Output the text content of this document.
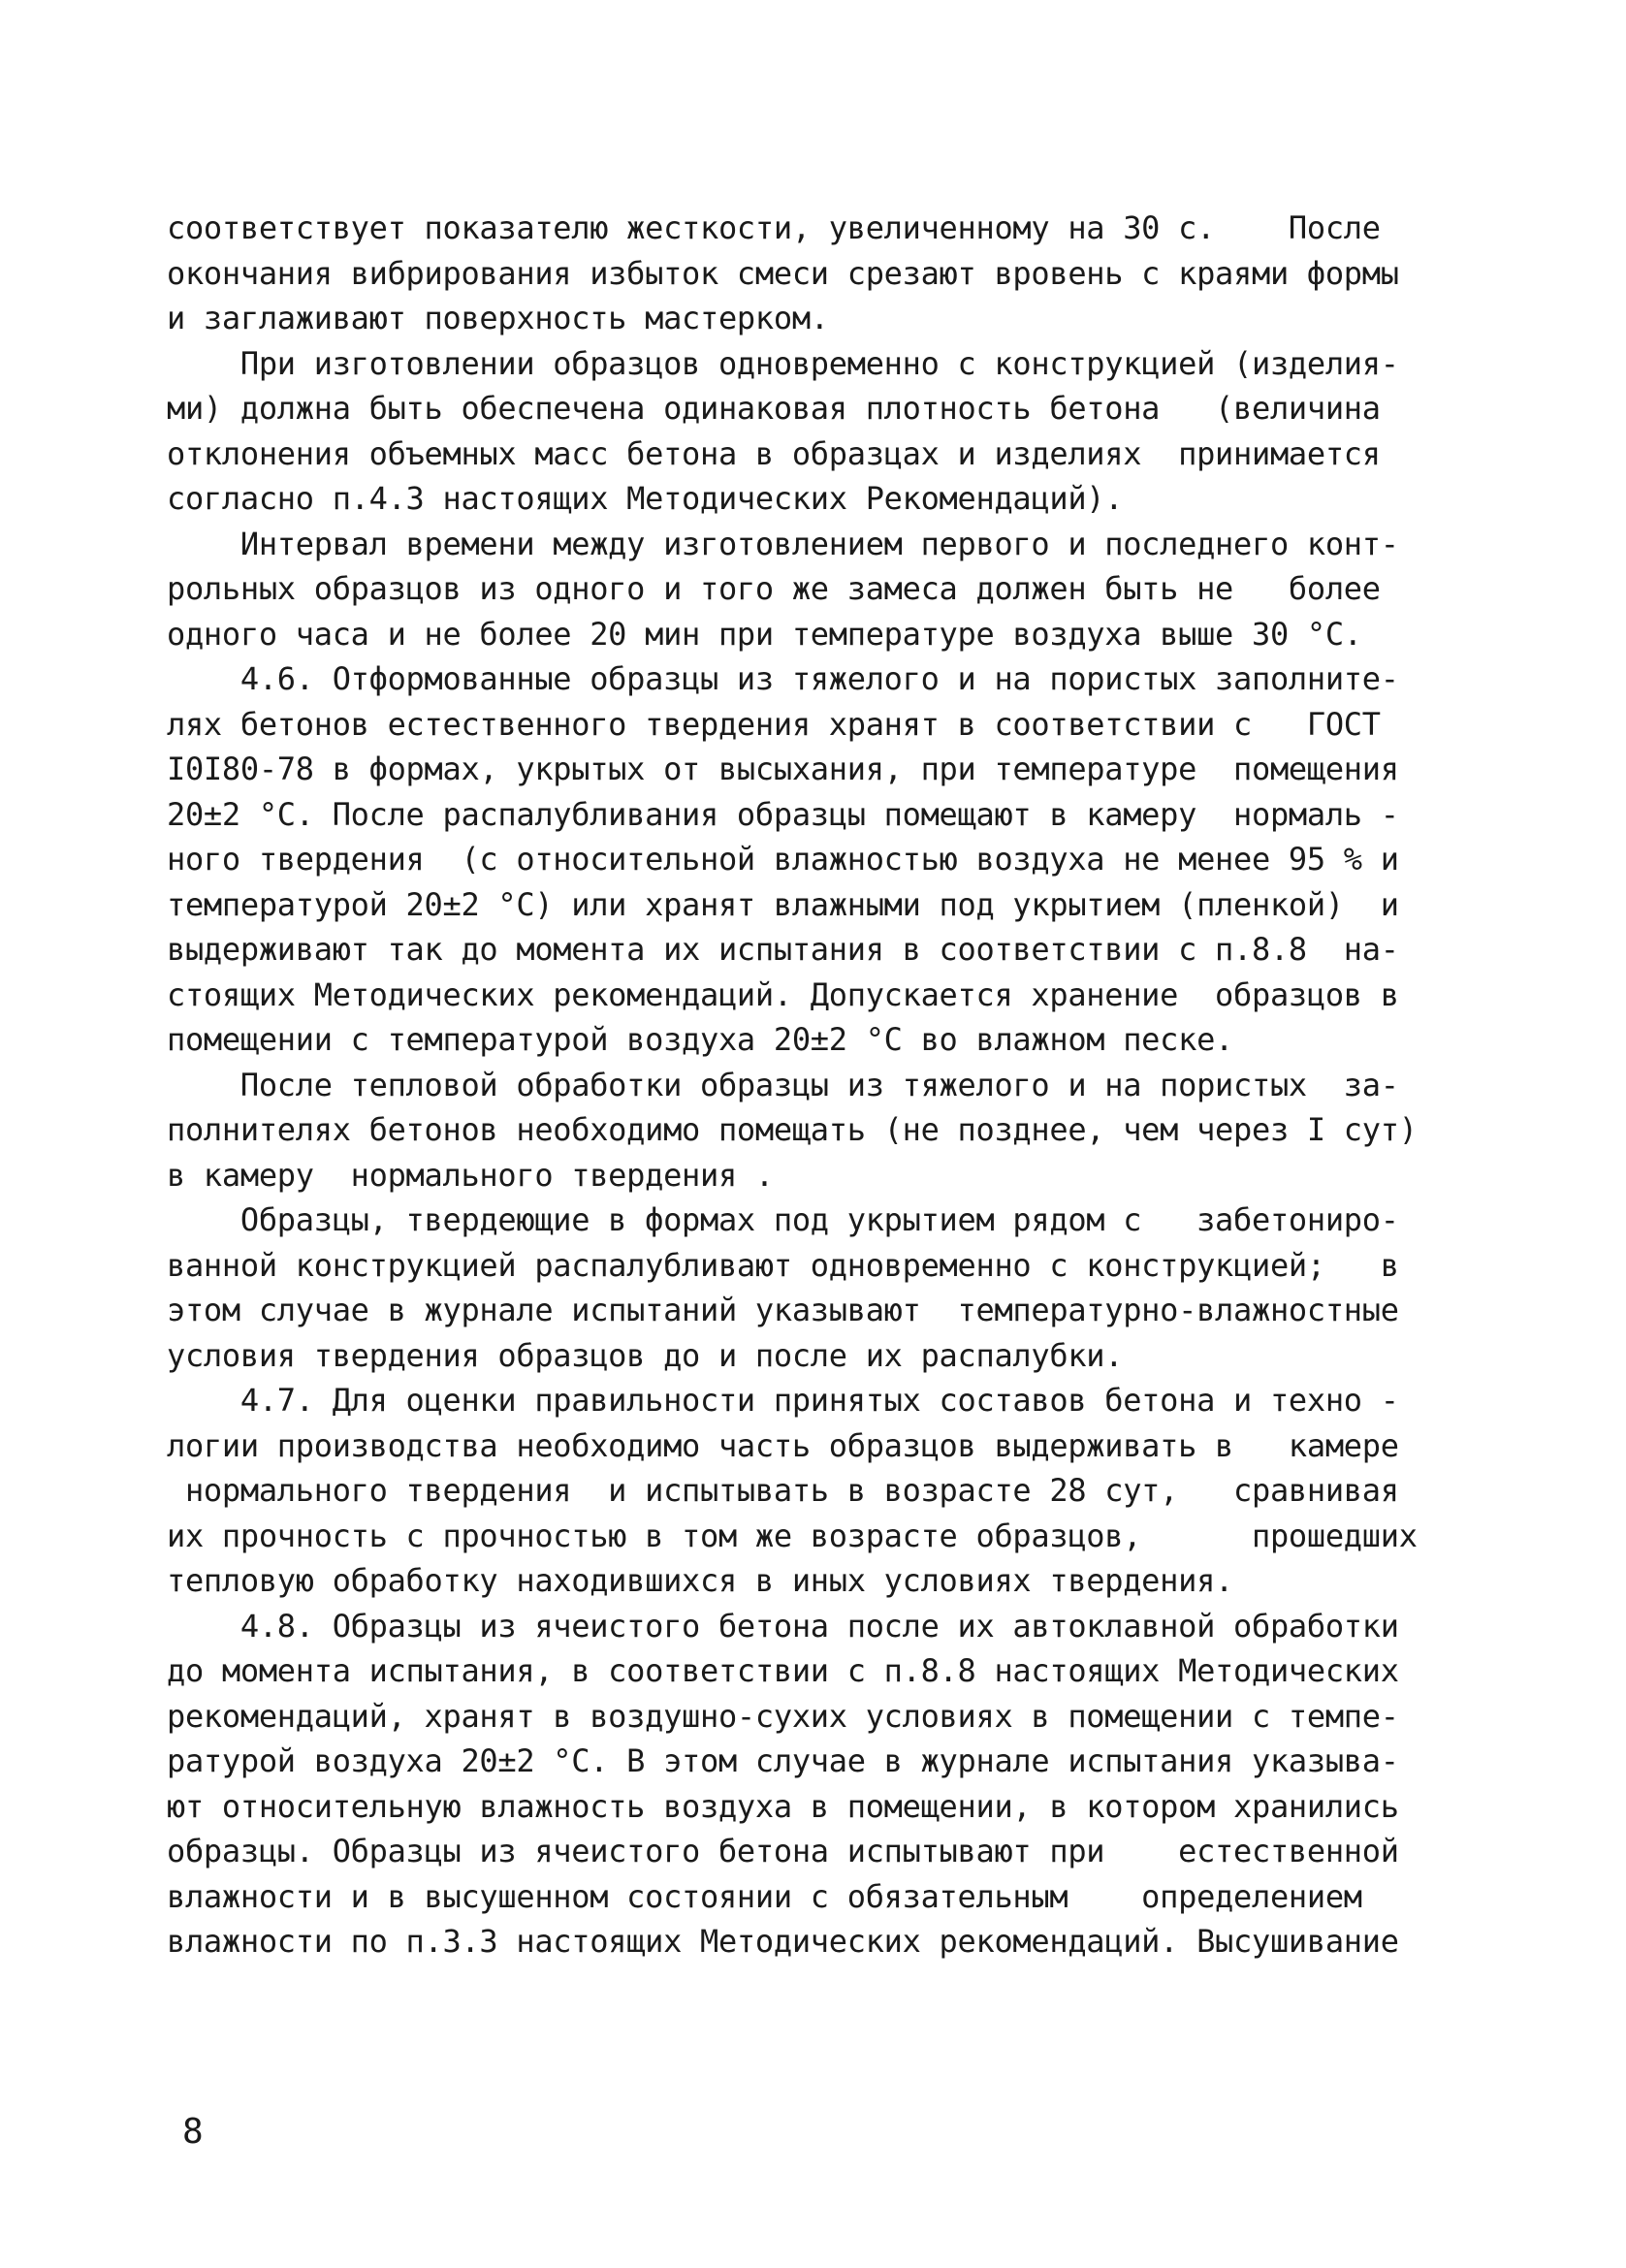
соответствует показателю жесткости, увеличенному на 30 с.    После
окончания вибрирования избыток смеси срезают вровень с краями формы
и заглаживают поверхность мастерком.
При изготовлении образцов одновременно с конструкцией (изделия-
ми) должна быть обеспечена одинаковая плотность бетона   (величина
отклонения объемных масс бетона в образцах и изделиях  принимается
согласно п.4.3 настоящих Методических Рекомендаций).
Интервал времени между изготовлением первого и последнего конт-
рольных образцов из одного и того же замеса должен быть не   более
одного часа и не более 20 мин при температуре воздуха выше 30 °С.
4.6. Отформованные образцы из тяжелого и на пористых заполните-
лях бетонов естественного твердения хранят в соответствии с   ГОСТ
I0I80-78 в формах, укрытых от высыхания, при температуре  помещения
20±2 °С. После распалубливания образцы помещают в камеру  нормаль -
ного твердения  (с относительной влажностью воздуха не менее 95 % и
температурой 20±2 °С) или хранят влажными под укрытием (пленкой)  и
выдерживают так до момента их испытания в соответствии с п.8.8  на-
стоящих Методических рекомендаций. Допускается хранение  образцов в
помещении с температурой воздуха 20±2 °С во влажном песке.
После тепловой обработки образцы из тяжелого и на пористых  за-
полнителях бетонов необходимо помещать (не позднее, чем через I сут)
в камеру  нормального твердения .
Образцы, твердеющие в формах под укрытием рядом с   забетониро-
ванной конструкцией распалубливают одновременно с конструкцией;   в
этом случае в журнале испытаний указывают  температурно-влажностные
условия твердения образцов до и после их распалубки.
4.7. Для оценки правильности принятых составов бетона и техно -
логии производства необходимо часть образцов выдерживать в   камере
нормального твердения  и испытывать в возрасте 28 сут,   сравнивая
их прочность с прочностью в том же возрасте образцов,      прошедших
тепловую обработку находившихся в иных условиях твердения.
4.8. Образцы из ячеистого бетона после их автоклавной обработки
до момента испытания, в соответствии с п.8.8 настоящих Методических
рекомендаций, хранят в воздушно-сухих условиях в помещении с темпе-
ратурой воздуха 20±2 °С. В этом случае в журнале испытания указыва-
ют относительную влажность воздуха в помещении, в котором хранились
образцы. Образцы из ячеистого бетона испытывают при    естественной
влажности и в высушенном состоянии с обязательным    определением
влажности по п.3.3 настоящих Методических рекомендаций. Высушивание
8
